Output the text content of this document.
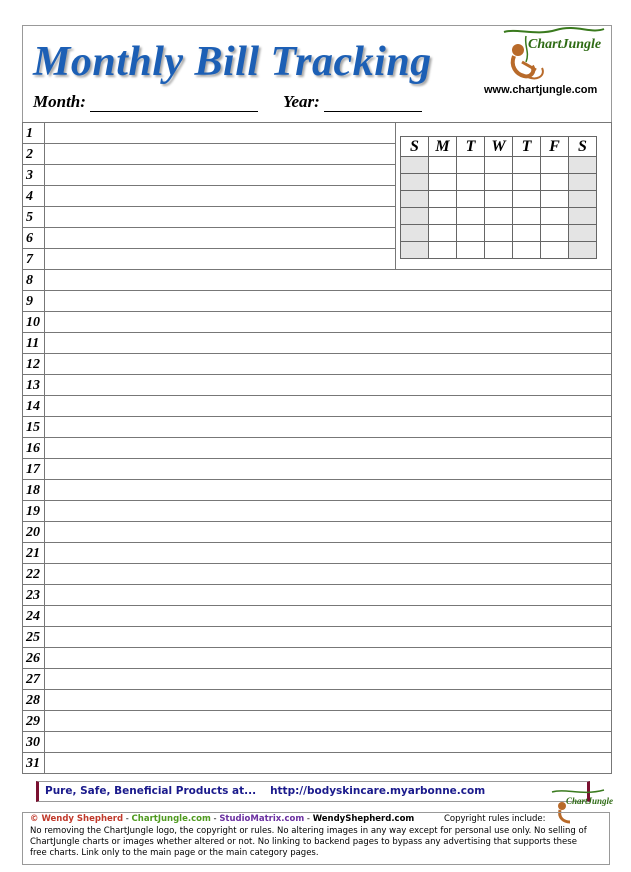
Monthly Bill Tracking
Month:	Year:
ChartJungle
www.chartjungle.com
1
2
3
4
5
6
7
8
9
10
11
12
13
14
15
16
17
18
19
20
21
22
23
24
25
26
27
28
29
30
31
S	M	T	W	T	F	S

Pure, Safe, Beneficial Products at... http://bodyskincare.myarbonne.com
ChartJungle
© Wendy Shepherd - ChartJungle.com - StudioMatrix.com - WendyShepherd.com	Copyright rules include:
No removing the ChartJungle logo, the copyright or rules. No altering images in any way except for personal use only. No selling of ChartJungle charts or images whether altered or not. No linking to backend pages to bypass any advertising that supports these free charts. Link only to the main page or the main category pages.
